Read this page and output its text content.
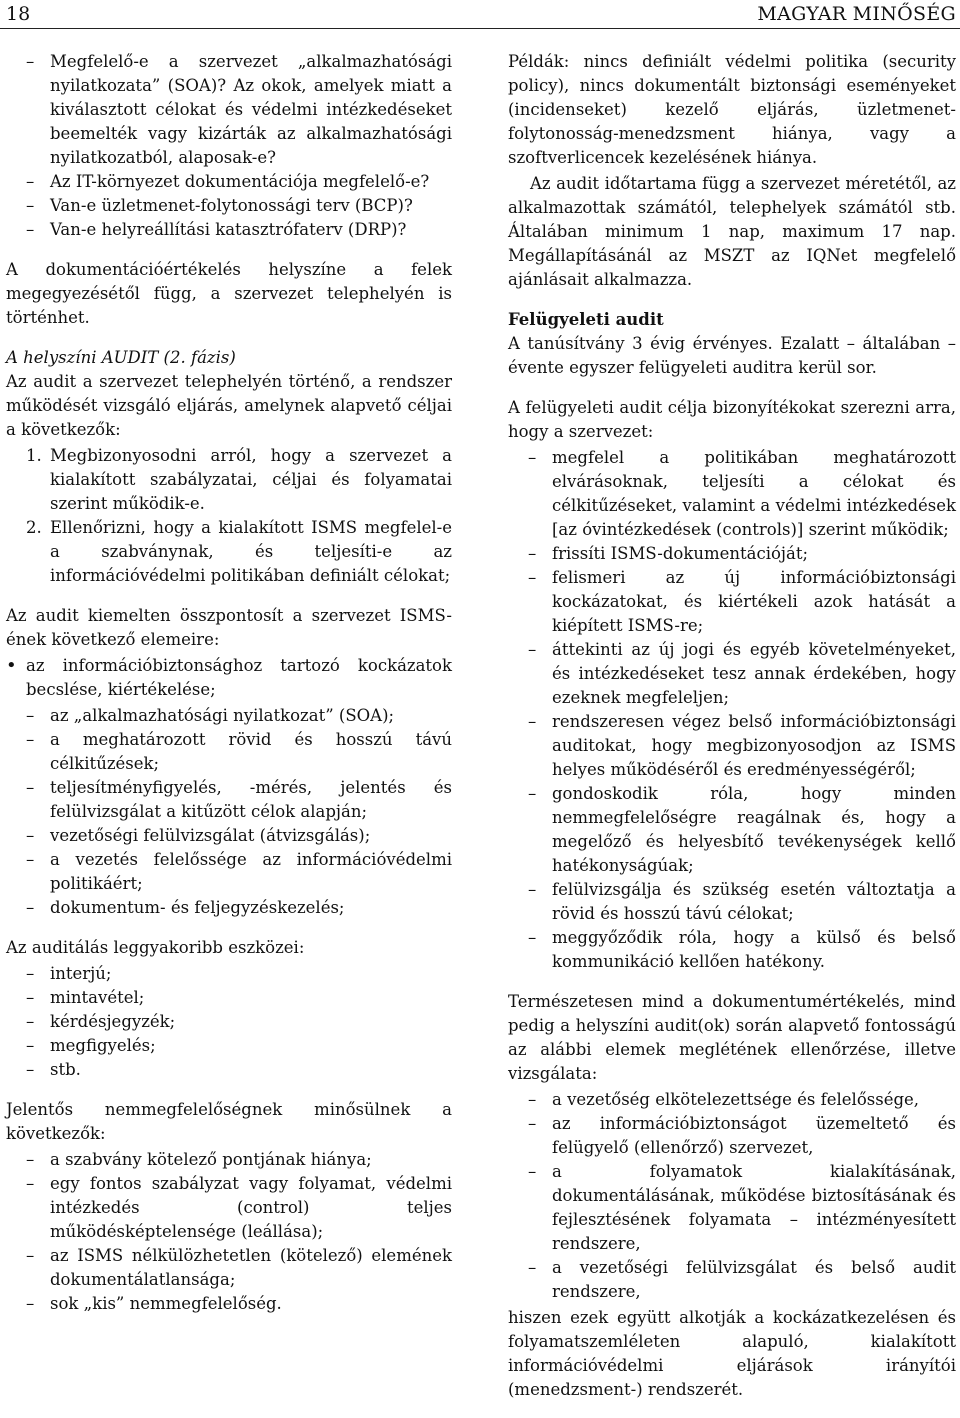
18	MAGYAR MINŐSÉG
– Megfelelő-e a szervezet „alkalmazhatósági nyilatkozata” (SOA)? Az okok, amelyek miatt a kiválasztott célokat és védelmi intézkedéseket beemelték vagy kizárták az alkalmazhatósági nyilatkozatból, alaposak-e?
– Az IT-környezet dokumentációja megfelelő-e?
– Van-e üzletmenet-folytonossági terv (BCP)?
– Van-e helyreállítási katasztrófaterv (DRP)?

A dokumentációértékelés helyszíne a felek megegyezésétől függ, a szervezet telephelyén is történhet.

A helyszíni AUDIT (2. fázis)

Az audit a szervezet telephelyén történő, a rendszer működését vizsgáló eljárás, amelynek alapvető céljai a következők:

1. Megbizonyosodni arról, hogy a szervezet a kialakított szabályzatai, céljai és folyamatai szerint működik-e.
2. Ellenőrizni, hogy a kialakított ISMS megfelel-e a szabványnak, és teljesíti-e az információvédelmi politikában definiált célokat;

Az audit kiemelten összpontosít a szervezet ISMS-ének következő elemeire:

• az információbiztonsághoz tartozó kockázatok becslése, kiértékelése;
– az „alkalmazhatósági nyilatkozat” (SOA);
– a meghatározott rövid és hosszú távú célkitűzések;
– teljesítményfigyelés, -mérés, jelentés és felülvizsgálat a kitűzött célok alapján;
– vezetőségi felülvizsgálat (átvizsgálás);
– a vezetés felelőssége az információvédelmi politikáért;
– dokumentum- és feljegyzéskezelés;

Az auditálás leggyakoribb eszközei:

– interjú;
– mintavétel;
– kérdésjegyzék;
– megfigyelés;
– stb.

Jelentős nemmegfelelőségnek minősülnek a következők:

– a szabvány kötelező pontjának hiánya;
– egy fontos szabályzat vagy folyamat, védelmi intézkedés (control) teljes működésképtelensége (leállása);
– az ISMS nélkülözhetetlen (kötelező) elemének dokumentálatlansága;
– sok „kis” nemmegfelelőség.

Példák: nincs definiált védelmi politika (security policy), nincs dokumentált biztonsági eseményeket (incidenseket) kezelő eljárás, üzletmenet-folytonosság-menedzsment hiánya, vagy a szoftverlicencek kezelésének hiánya.

Az audit időtartama függ a szervezet méretétől, az alkalmazottak számától, telephelyek számától stb. Általában minimum 1 nap, maximum 17 nap. Megállapításánál az MSZT az IQNet megfelelő ajánlásait alkalmazza.

Felügyeleti audit

A tanúsítvány 3 évig érvényes. Ezalatt – általában – évente egyszer felügyeleti auditra kerül sor.

A felügyeleti audit célja bizonyítékokat szerezni arra, hogy a szervezet:

– megfelel a politikában meghatározott elvárásoknak, teljesíti a célokat és célkitűzéseket, valamint a védelmi intézkedések [az óvintézkedések (controls)] szerint működik;
– frissíti ISMS-dokumentációját;
– felismeri az új információbiztonsági kockázatokat, és kiértékeli azok hatását a kiépített ISMS-re;
– áttekinti az új jogi és egyéb követelményeket, és intézkedéseket tesz annak érdekében, hogy ezeknek megfeleljen;
– rendszeresen végez belső információbiztonsági auditokat, hogy megbizonyosodjon az ISMS helyes működéséről és eredményességéről;
– gondoskodik róla, hogy minden nemmegfelelőségre reagálnak és, hogy a megelőző és helyesbítő tevékenységek kellő hatékonyságúak;
– felülvizsgálja és szükség esetén változtatja a rövid és hosszú távú célokat;
– meggyőződik róla, hogy a külső és belső kommunikáció kellően hatékony.

Természetesen mind a dokumentumértékelés, mind pedig a helyszíni audit(ok) során alapvető fontosságú az alábbi elemek meglétének ellenőrzése, illetve vizsgálata:

– a vezetőség elkötelezettsége és felelőssége,
– az információbiztonságot üzemeltető és felügyelő (ellenőrző) szervezet,
– a folyamatok kialakításának, dokumentálásának, működése biztosításának és fejlesztésének folyamata – intézményesített rendszere,
– a vezetőségi felülvizsgálat és belső audit rendszere,

hiszen ezek együtt alkotják a kockázatkezelésen és folyamatszemléleten alapuló, kialakított információvédelmi eljárások irányítói (menedzsment-) rendszerét.
